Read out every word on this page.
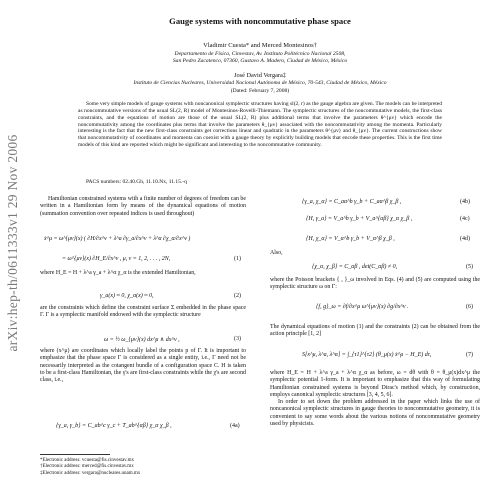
arXiv:hep-th/0611333v1 29 Nov 2006
Gauge systems with noncommutative phase space
Vladimir Cuesta* and Merced Montesinos†
Departamento de Física, Cinvestav, Av. Instituto Politécnico Nacional 2508,
San Pedro Zacatenco, 07360, Gustavo A. Madero, Ciudad de México, México
José David Vergara‡
Instituto de Ciencias Nucleares, Universidad Nacional Autónoma de México, 70-543, Ciudad de México, México
(Dated: February 7, 2008)
Some very simple models of gauge systems with noncanonical symplectic structures having sl(2, r) as the gauge algebra are given. The models can be interpreted as noncommutative versions of the usual SL(2, R) model of Montesinos-Rovelli-Thiemann. The symplectic structures of the noncommutative models, the first-class constraints, and the equations of motion are those of the usual SL(2, R) plus additional terms that involve the parameters θ^{μν} which encode the noncommutativity among the coordinates plus terms that involve the parameters θ_{μν} associated with the noncommutativity among the momenta. Particularly interesting is the fact that the new first-class constraints get corrections linear and quadratic in the parameters θ^{μν} and θ_{μν}. The current constructions show that noncommutativity of coordinates and momenta can coexist with a gauge theory by explicitly building models that encode these properties. This is the first time models of this kind are reported which might be significant and interesting to the noncommutative community.
PACS numbers: 02.40.Gh, 11.10.Nx, 11.15.-q

Hamiltonian constrained systems with a finite number of degrees of freedom can be written in a Hamiltonian form by means of the dynamical equations of motion (summation convention over repeated indices is used throughout)

ẋ^μ = ω^{μν}(x) ( ∂H/∂x^ν + λ^a ∂γ_a/∂x^ν + λ^α ∂χ_α/∂x^ν )
= ω^{μν}(x) ∂H_E/∂x^ν , μ, ν = 1, 2, . . . , 2N,	(1)

where H_E = H + λ^a γ_a + λ^α χ_α is the extended Hamiltonian,

γ_a(x) ≈ 0, χ_α(x) ≈ 0,	(2)

are the constraints which define the constraint surface Σ embedded in the phase space Γ. Γ is a symplectic manifold endowed with the symplectic structure

ω = ½ ω_{μν}(x) dx^μ ∧ dx^ν ,	(3)

where (x^μ) are coordinates which locally label the points p of Γ. It is important to emphasize that the phase space Γ is considered as a single entity, i.e., Γ need not be necessarily interpreted as the cotangent bundle of a configuration space C. H is taken to be a first-class Hamiltonian, the γ's are first-class constraints while the χ's are second class, i.e.,

{γ_a, γ_b} = C_ab^c γ_c + T_ab^{αβ} χ_α χ_β ,	(4a)
*Electronic address: vcuesta@fis.cinvestav.mx
†Electronic address: merced@fis.cinvestav.mx
‡Electronic address: vergara@nucleares.unam.mx
{γ_a, χ_α} = C_aα^b γ_b + C_aα^β χ_β ,	(4b)
{H, γ_a} = V_a^b γ_b + V_a^{αβ} χ_α χ_β ,	(4c)
{H, χ_α} = V_α^b γ_b + V_α^β χ_β ,	(4d)

Also,

{χ_α, χ_β} = C_αβ , det(C_αβ) ≠ 0,	(5)

where the Poisson brackets { , }_ω involved in Eqs. (4) and (5) are computed using the symplectic structure ω on Γ:

{f, g}_ω = ∂f/∂x^μ ω^{μν}(x) ∂g/∂x^ν .	(6)

The dynamical equations of motion (1) and the constraints (2) can be obtained from the action principle [1, 2]

S[x^μ, λ^a, λ^α] = ∫_{τ1}^{τ2} (θ_μ(x) ẋ^μ − H_E) dτ,	(7)

where H_E = H + λ^a γ_a + λ^α χ_α as before, ω = dθ with θ = θ_μ(x)dx^μ the symplectic potential 1-form. It is important to emphasize that this way of formulating Hamiltonian constrained systems is beyond Dirac's method which, by construction, employs canonical symplectic structures [3, 4, 5, 6].

In order to set down the problem addressed in the paper which links the use of noncanonical symplectic structures in gauge theories to noncommutative geometry, it is convenient to say some words about the various notions of noncommutative geometry used by physicists.
